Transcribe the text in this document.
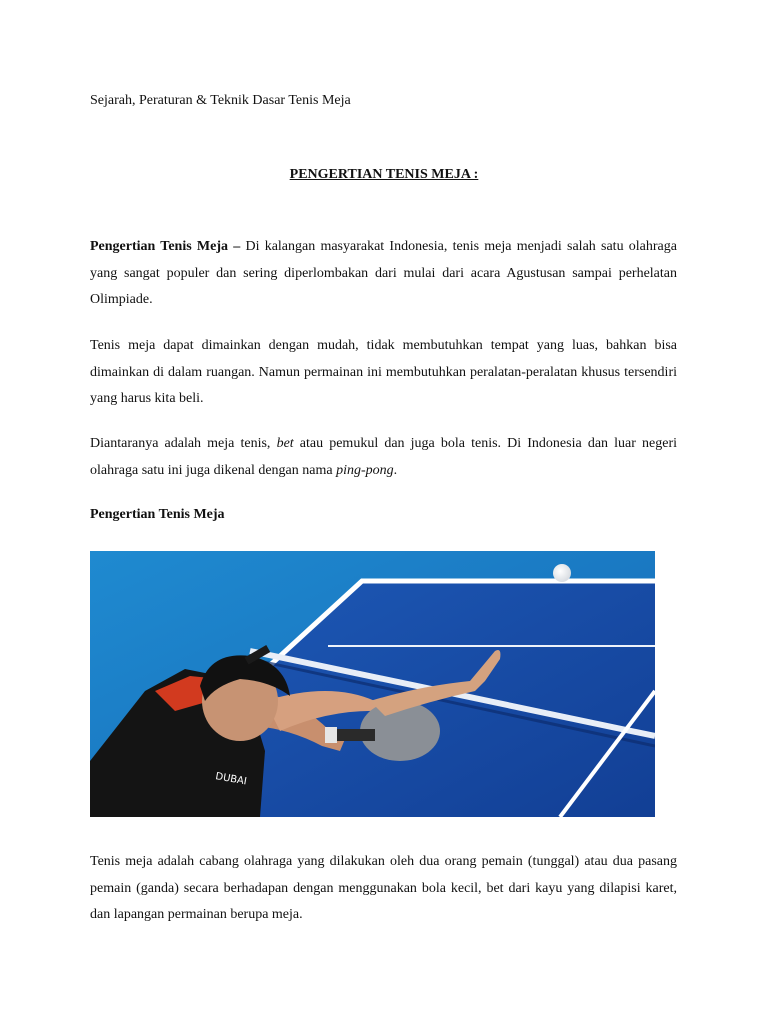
Sejarah, Peraturan & Teknik Dasar Tenis Meja
PENGERTIAN TENIS MEJA :

Pengertian Tenis Meja – Di kalangan masyarakat Indonesia, tenis meja menjadi salah satu olahraga yang sangat populer dan sering diperlombakan dari mulai dari acara Agustusan sampai perhelatan Olimpiade.

Tenis meja dapat dimainkan dengan mudah, tidak membutuhkan tempat yang luas, bahkan bisa dimainkan di dalam ruangan. Namun permainan ini membutuhkan peralatan-peralatan khusus tersendiri yang harus kita beli.

Diantaranya adalah meja tenis, bet atau pemukul dan juga bola tenis. Di Indonesia dan luar negeri olahraga satu ini juga dikenal dengan nama ping-pong.

Pengertian Tenis Meja
DUBAI

Tenis meja adalah cabang olahraga yang dilakukan oleh dua orang pemain (tunggal) atau dua pasang pemain (ganda) secara berhadapan dengan menggunakan bola kecil, bet dari kayu yang dilapisi karet, dan lapangan permainan berupa meja.
